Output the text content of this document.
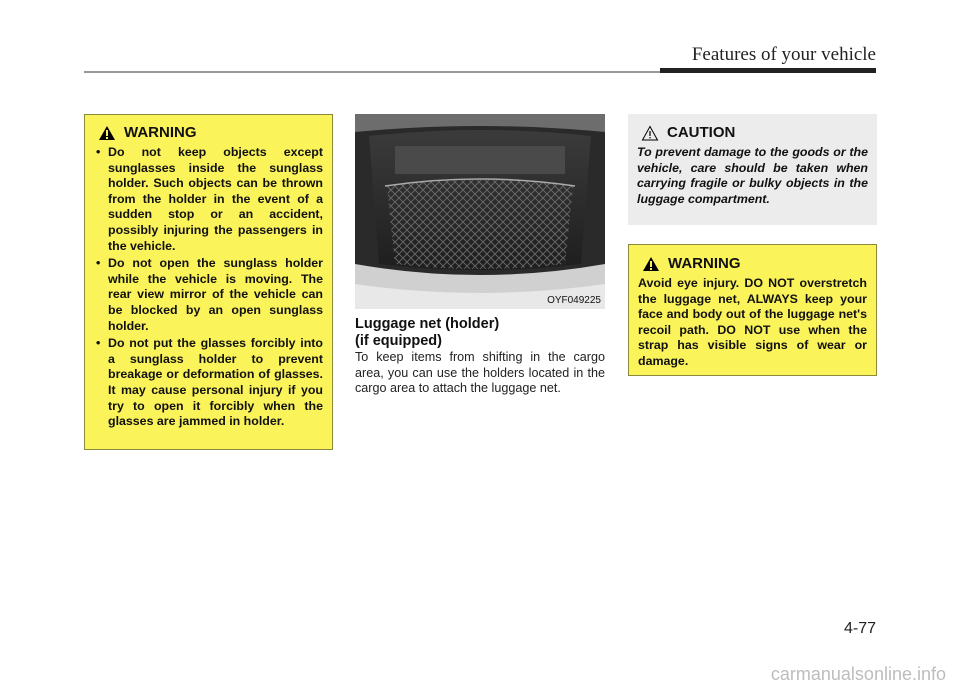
Features of your vehicle
WARNING
• Do not keep objects except sunglasses inside the sunglass holder. Such objects can be thrown from the holder in the event of a sudden stop or an accident, possibly injuring the passengers in the vehicle.
• Do not open the sunglass holder while the vehicle is moving. The rear view mirror of the vehicle can be blocked by an open sunglass holder.
• Do not put the glasses forcibly into a sunglass holder to prevent breakage or deformation of glasses. It may cause personal injury if you try to open it forcibly when the glasses are jammed in holder.
OYF049225
Luggage net (holder)
(if equipped)
To keep items from shifting in the cargo area, you can use the holders located in the cargo area to attach the luggage net.
CAUTION
To prevent damage to the goods or the vehicle, care should be taken when carrying fragile or bulky objects in the luggage compartment.
WARNING
Avoid eye injury. DO NOT overstretch the luggage net, ALWAYS keep your face and body out of the luggage net's recoil path. DO NOT use when the strap has visible signs of wear or damage.
4-77
carmanualsonline.info
